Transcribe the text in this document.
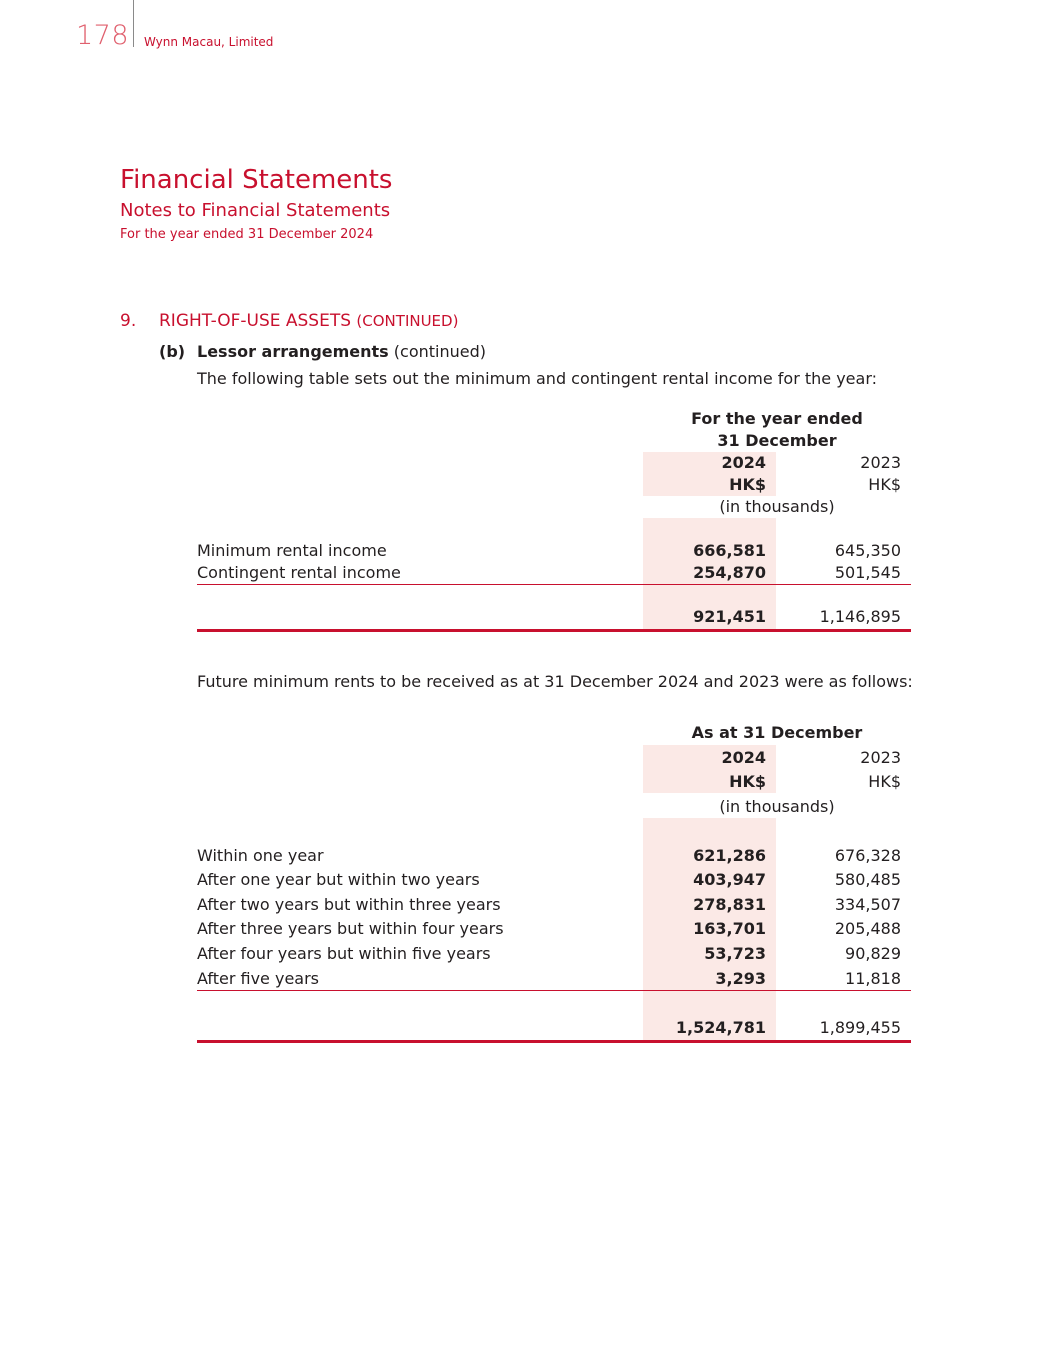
178 Wynn Macau, Limited
Financial Statements
Notes to Financial Statements
For the year ended 31 December 2024
9. RIGHT-OF-USE ASSETS (CONTINUED)
(b) Lessor arrangements (continued)
The following table sets out the minimum and contingent rental income for the year:
For the year ended
31 December
2024	2023
HK$	HK$
(in thousands)
Minimum rental income	666,581	645,350
Contingent rental income	254,870	501,545
921,451	1,146,895
Future minimum rents to be received as at 31 December 2024 and 2023 were as follows:
As at 31 December
2024	2023
HK$	HK$
(in thousands)
Within one year	621,286	676,328
After one year but within two years	403,947	580,485
After two years but within three years	278,831	334,507
After three years but within four years	163,701	205,488
After four years but within five years	53,723	90,829
After five years	3,293	11,818
1,524,781	1,899,455
